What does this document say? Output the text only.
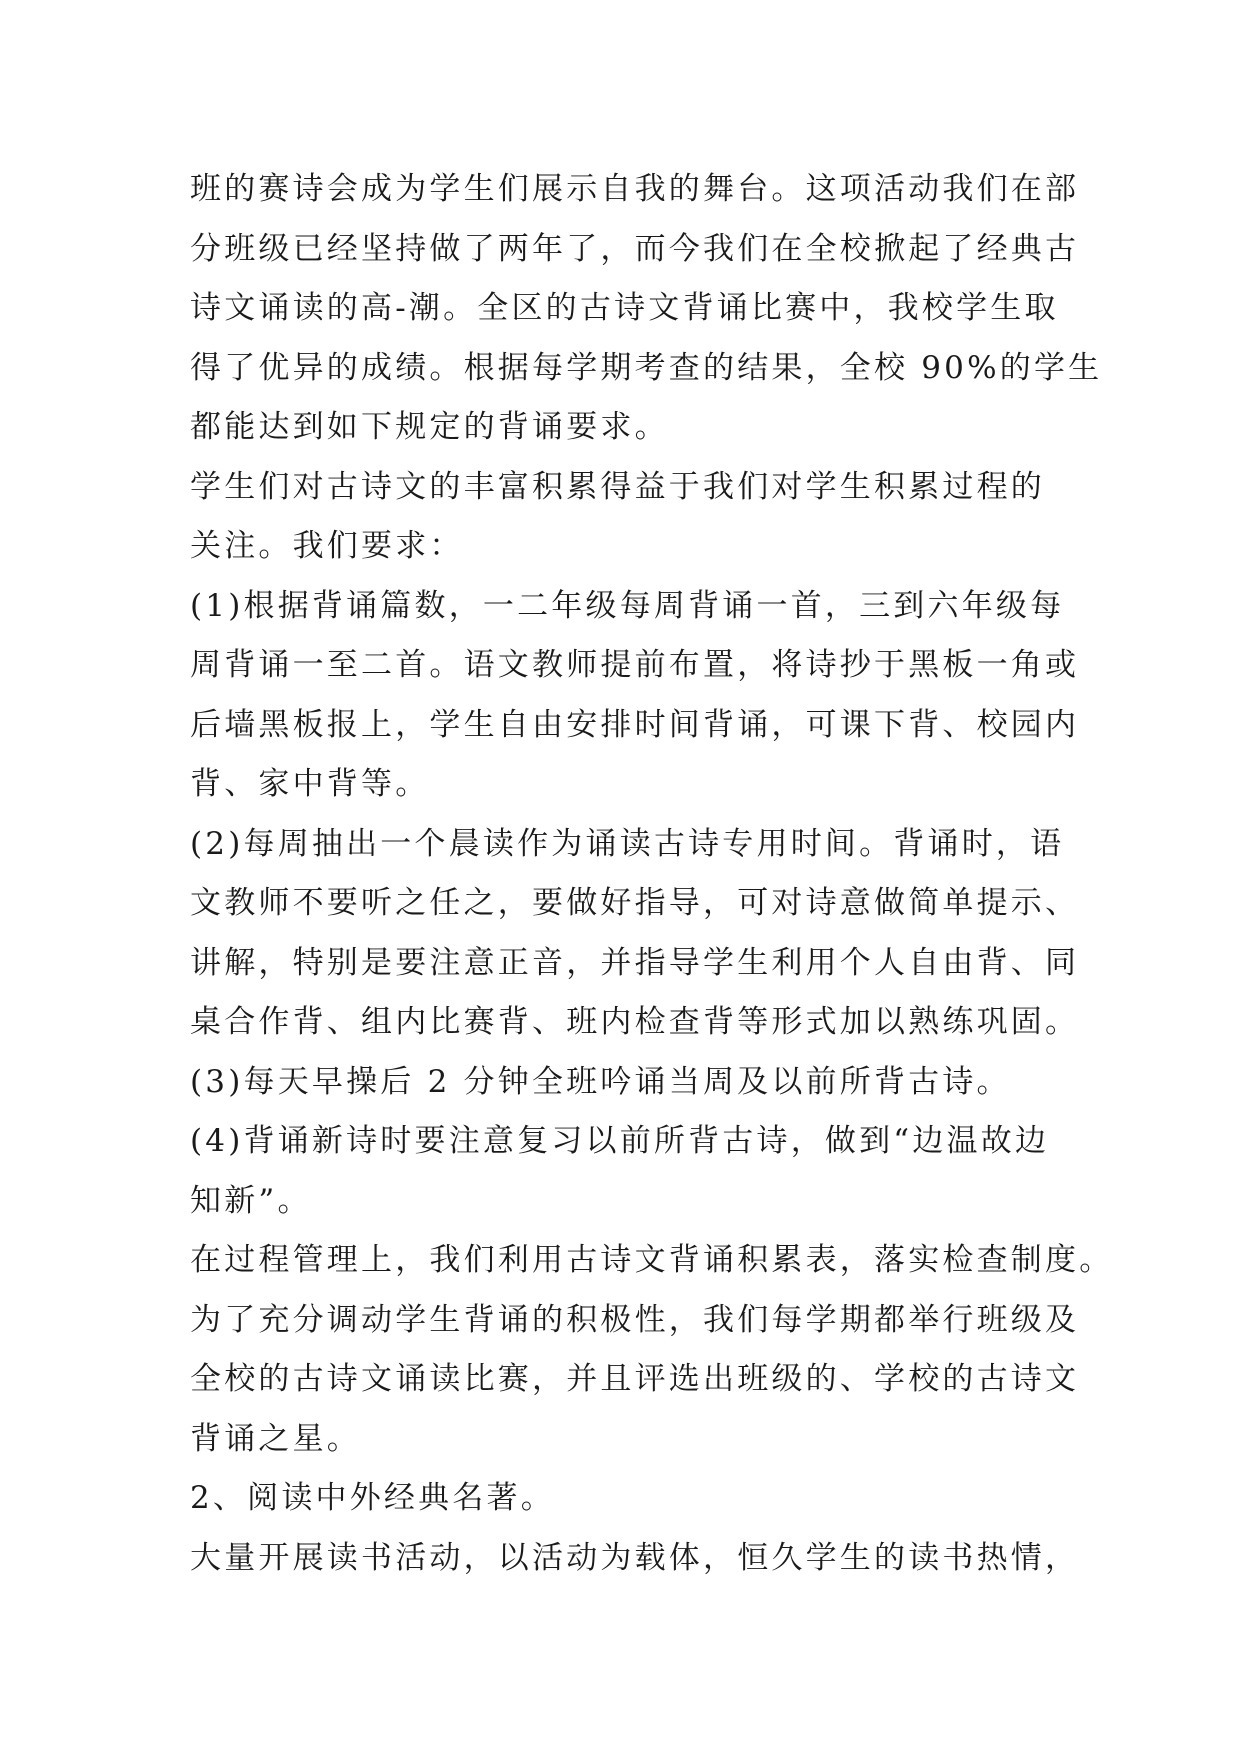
班的赛诗会成为学生们展示自我的舞台。这项活动我们在部
分班级已经坚持做了两年了，而今我们在全校掀起了经典古
诗文诵读的高-潮。全区的古诗文背诵比赛中，我校学生取
得了优异的成绩。根据每学期考查的结果，全校 90%的学生
都能达到如下规定的背诵要求。
学生们对古诗文的丰富积累得益于我们对学生积累过程的
关注。我们要求：
(1)根据背诵篇数，一二年级每周背诵一首，三到六年级每
周背诵一至二首。语文教师提前布置，将诗抄于黑板一角或
后墙黑板报上，学生自由安排时间背诵，可课下背、校园内
背、家中背等。
(2)每周抽出一个晨读作为诵读古诗专用时间。背诵时，语
文教师不要听之任之，要做好指导，可对诗意做简单提示、
讲解，特别是要注意正音，并指导学生利用个人自由背、同
桌合作背、组内比赛背、班内检查背等形式加以熟练巩固。
(3)每天早操后 2 分钟全班吟诵当周及以前所背古诗。
(4)背诵新诗时要注意复习以前所背古诗，做到“边温故边
知新”。
在过程管理上，我们利用古诗文背诵积累表，落实检查制度。
为了充分调动学生背诵的积极性，我们每学期都举行班级及
全校的古诗文诵读比赛，并且评选出班级的、学校的古诗文
背诵之星。
2、阅读中外经典名著。
大量开展读书活动，以活动为载体，恒久学生的读书热情，
